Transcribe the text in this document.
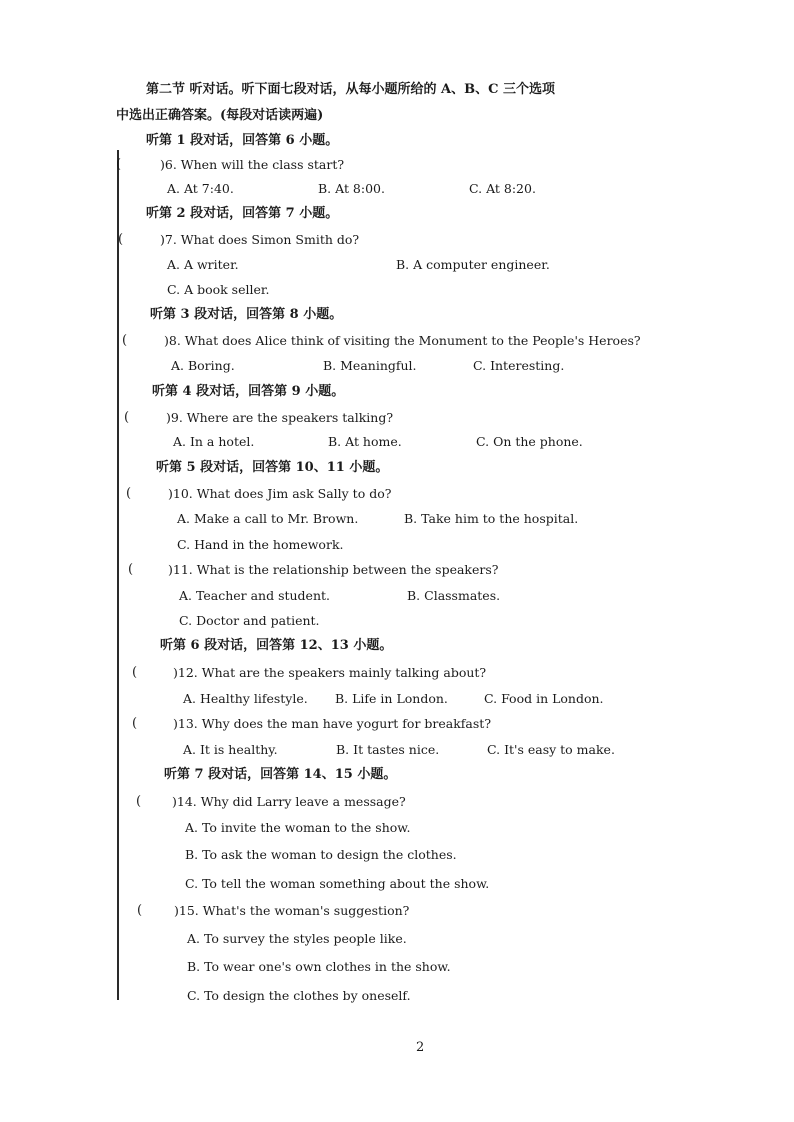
第二节 听对话。听下面七段对话，从每小题所给的 A、B、C 三个选项
中选出正确答案。(每段对话读两遍)
听第 1 段对话，回答第 6 小题。
(	)6. When will the class start?
A. At 7:40.	B. At 8:00.	C. At 8:20.
听第 2 段对话，回答第 7 小题。
(	)7. What does Simon Smith do?
A. A writer.	B. A computer engineer.
C. A book seller.
听第 3 段对话，回答第 8 小题。
(	)8. What does Alice think of visiting the Monument to the People's Heroes?
A. Boring.	B. Meaningful.	C. Interesting.
听第 4 段对话，回答第 9 小题。
(	)9. Where are the speakers talking?
A. In a hotel.	B. At home.	C. On the phone.
听第 5 段对话，回答第 10、11 小题。
(	)10. What does Jim ask Sally to do?
A. Make a call to Mr. Brown.	B. Take him to the hospital.
C. Hand in the homework.
(	)11. What is the relationship between the speakers?
A. Teacher and student.	B. Classmates.
C. Doctor and patient.
听第 6 段对话，回答第 12、13 小题。
(	)12. What are the speakers mainly talking about?
A. Healthy lifestyle. B. Life in London.	C. Food in London.
(	)13. Why does the man have yogurt for breakfast?
A. It is healthy.	B. It tastes nice.	C. It's easy to make.
听第 7 段对话，回答第 14、15 小题。
( )14. Why did Larry leave a message?
A. To invite the woman to the show.
B. To ask the woman to design the clothes.
C. To tell the woman something about the show.
(	)15. What's the woman's suggestion?
A. To survey the styles people like.
B. To wear one's own clothes in the show.
C. To design the clothes by oneself.
2
